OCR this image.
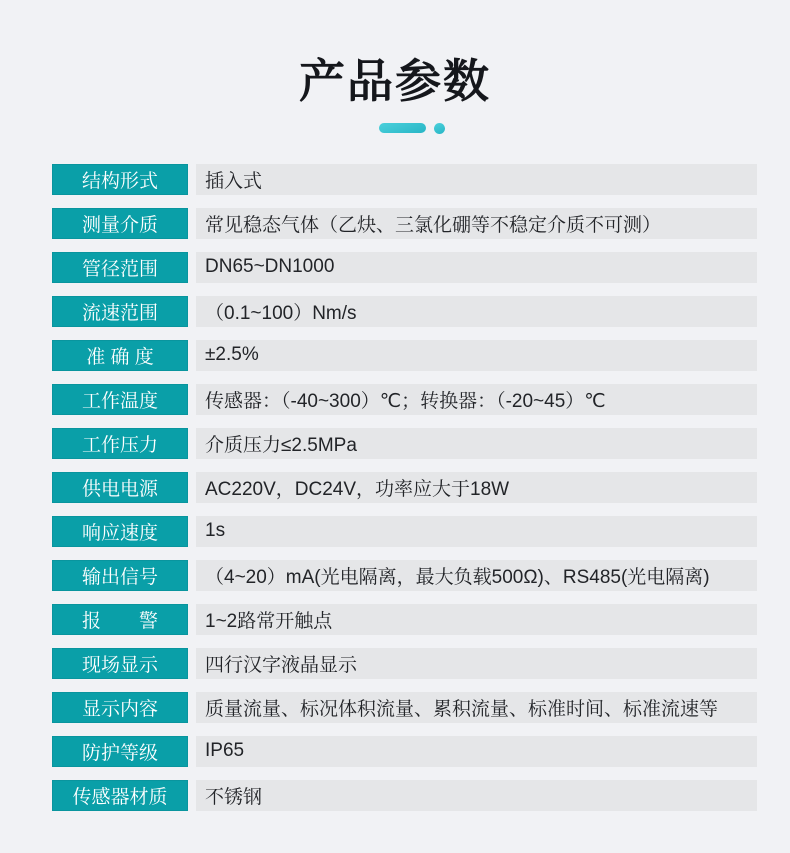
产品参数
结构形式	插入式
测量介质	常见稳态气体（乙炔、三氯化硼等不稳定介质不可测）
管径范围	DN65~DN1000
流速范围	（0.1~100）Nm/s
准 确 度	±2.5%
工作温度	传感器：（-40~300）℃；转换器：（-20~45）℃
工作压力	介质压力≤2.5MPa
供电电源	AC220V，DC24V，功率应大于18W
响应速度	1s
输出信号	（4~20）mA(光电隔离，最大负载500Ω)、RS485(光电隔离)
报　　警	1~2路常开触点
现场显示	四行汉字液晶显示
显示内容	质量流量、标况体积流量、累积流量、标准时间、标准流速等
防护等级	IP65
传感器材质	不锈钢
